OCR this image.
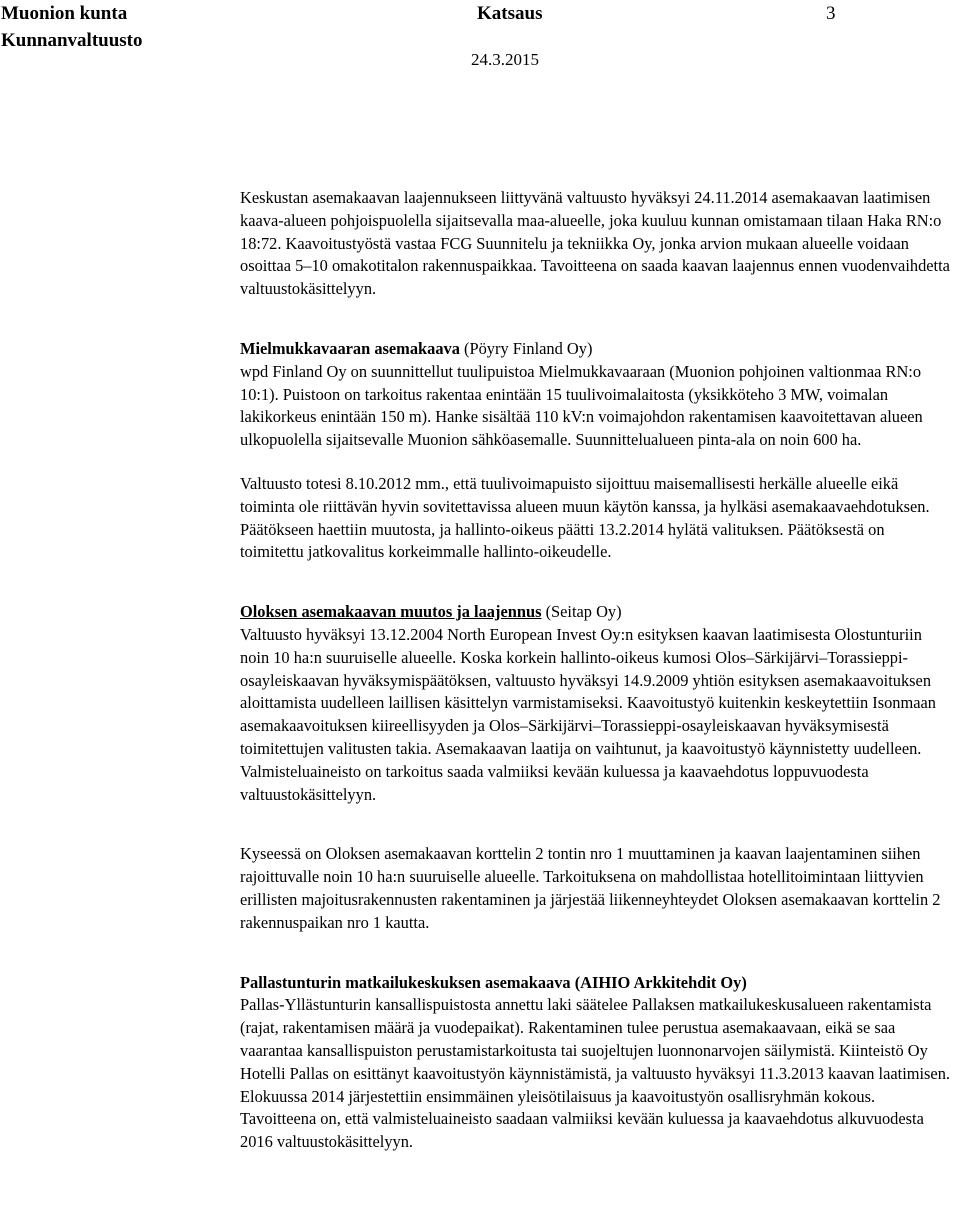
Muonion kunta
Kunnanvaltuusto
Katsaus	3
24.3.2015

Keskustan asemakaavan laajennukseen liittyvänä valtuusto hyväksyi 24.11.2014 asemakaavan laatimisen kaava-alueen pohjoispuolella sijaitsevalla maa-alueelle, joka kuuluu kunnan omistamaan tilaan Haka RN:o 18:72. Kaavoitustyöstä vastaa FCG Suunnitelu ja tekniikka Oy, jonka arvion mukaan alueelle voidaan osoittaa 5–10 omakotitalon rakennuspaikkaa. Tavoitteena on saada kaavan laajennus ennen vuodenvaihdetta valtuustokäsittelyyn.

Mielmukkavaaran asemakaava (Pöyry Finland Oy)

wpd Finland Oy on suunnittellut tuulipuistoa Mielmukkavaaraan (Muonion pohjoinen valtionmaa RN:o 10:1). Puistoon on tarkoitus rakentaa enintään 15 tuulivoimalaitosta (yksikköteho 3 MW, voimalan lakikorkeus enintään 150 m). Hanke sisältää 110 kV:n voimajohdon rakentamisen kaavoitettavan alueen ulkopuolella sijaitsevalle Muonion sähköasemalle. Suunnittelualueen pinta-ala on noin 600 ha.

Valtuusto totesi 8.10.2012 mm., että tuulivoimapuisto sijoittuu maisemallisesti herkälle alueelle eikä toiminta ole riittävän hyvin sovitettavissa alueen muun käytön kanssa, ja hylkäsi asemakaavaehdotuksen. Päätökseen haettiin muutosta, ja hallinto-oikeus päätti 13.2.2014 hylätä valituksen. Päätöksestä on toimitettu jatkovalitus korkeimmalle hallinto-oikeudelle.

Oloksen asemakaavan muutos ja laajennus (Seitap Oy)

Valtuusto hyväksyi 13.12.2004 North European Invest Oy:n esityksen kaavan laatimisesta Olostunturiin noin 10 ha:n suuruiselle alueelle. Koska korkein hallinto-oikeus kumosi Olos–Särkijärvi–Torassieppi-osayleiskaavan hyväksymispäätöksen, valtuusto hyväksyi 14.9.2009 yhtiön esityksen asemakaavoituksen aloittamista uudelleen laillisen käsittelyn varmistamiseksi. Kaavoitustyö kuitenkin keskeytettiin Isonmaan asemakaavoituksen kiireellisyyden ja Olos–Särkijärvi–Torassieppi-osayleiskaavan hyväksymisestä toimitettujen valitusten takia. Asemakaavan laatija on vaihtunut, ja kaavoitustyö käynnistetty uudelleen. Valmisteluaineisto on tarkoitus saada valmiiksi kevään kuluessa ja kaavaehdotus loppuvuodesta valtuustokäsittelyyn.

Kyseessä on Oloksen asemakaavan korttelin 2 tontin nro 1 muuttaminen ja kaavan laajentaminen siihen rajoittuvalle noin 10 ha:n suuruiselle alueelle. Tarkoituksena on mahdollistaa hotellitoimintaan liittyvien erillisten majoitusrakennusten rakentaminen ja järjestää liikenneyhteydet Oloksen asemakaavan korttelin 2 rakennuspaikan nro 1 kautta.

Pallastunturin matkailukeskuksen asemakaava (AIHIO Arkkitehdit Oy)

Pallas-Yllästunturin kansallispuistosta annettu laki säätelee Pallaksen matkailukeskusalueen rakentamista (rajat, rakentamisen määrä ja vuodepaikat). Rakentaminen tulee perustua asemakaavaan, eikä se saa vaarantaa kansallispuiston perustamistarkoitusta tai suojeltujen luonnonarvojen säilymistä. Kiinteistö Oy Hotelli Pallas on esittänyt kaavoitustyön käynnistämistä, ja valtuusto hyväksyi 11.3.2013 kaavan laatimisen. Elokuussa 2014 järjestettiin ensimmäinen yleisötilaisuus ja kaavoitustyön osallisryhmän kokous. Tavoitteena on, että valmisteluaineisto saadaan valmiiksi kevään kuluessa ja kaavaehdotus alkuvuodesta 2016 valtuustokäsittelyyn.
